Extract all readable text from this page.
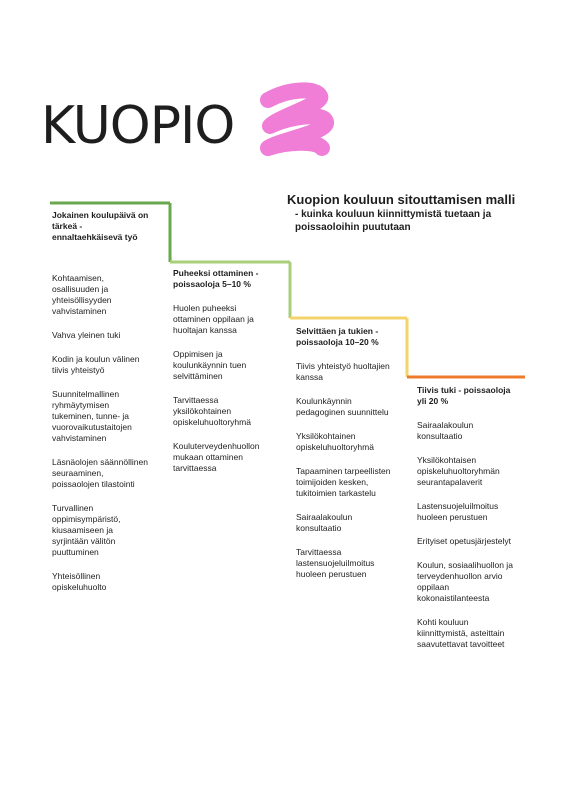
KUOPIO
Kuopion kouluun sitouttamisen malli
- kuinka kouluun kiinnittymistä tuetaan ja poissaoloihin puututaan
Jokainen koulupäivä on tärkeä - ennaltaehkäisevä työ

Kohtaamisen, osallisuuden ja yhteisöllisyyden vahvistaminen

Vahva yleinen tuki

Kodin ja koulun välinen tiivis yhteistyö

Suunnitelmallinen ryhmäytymisen tukeminen, tunne- ja vuorovaikutustaitojen vahvistaminen

Läsnäolojen säännöllinen seuraaminen, poissaolojen tilastointi

Turvallinen oppimisympäristö, kiusaamiseen ja syrjintään välitön puuttuminen

Yhteisöllinen opiskeluhuolto

Puheeksi ottaminen - poissaoloja 5–10 %

Huolen puheeksi ottaminen oppilaan ja huoltajan kanssa

Oppimisen ja koulunkäynnin tuen selvittäminen

Tarvittaessa yksilökohtainen opiskeluhuoltoryhmä

Kouluterveydenhuollon mukaan ottaminen tarvittaessa

Selvittäen ja tukien - poissaoloja 10–20 %

Tiivis yhteistyö huoltajien kanssa

Koulunkäynnin pedagoginen suunnittelu

Yksilökohtainen opiskeluhuoltoryhmä

Tapaaminen tarpeellisten toimijoiden kesken, tukitoimien tarkastelu

Sairaalakoulun konsultaatio

Tarvittaessa lastensuojeluilmoitus huoleen perustuen

Tiivis tuki - poissaoloja yli 20 %

Sairaalakoulun konsultaatio

Yksilökohtaisen opiskeluhuoltoryhmän seurantapalaverit

Lastensuojeluilmoitus huoleen perustuen

Erityiset opetusjärjestelyt

Koulun, sosiaalihuollon ja terveydenhuollon arvio oppilaan kokonaistilanteesta

Kohti kouluun kiinnittymistä, asteittain saavutettavat tavoitteet
